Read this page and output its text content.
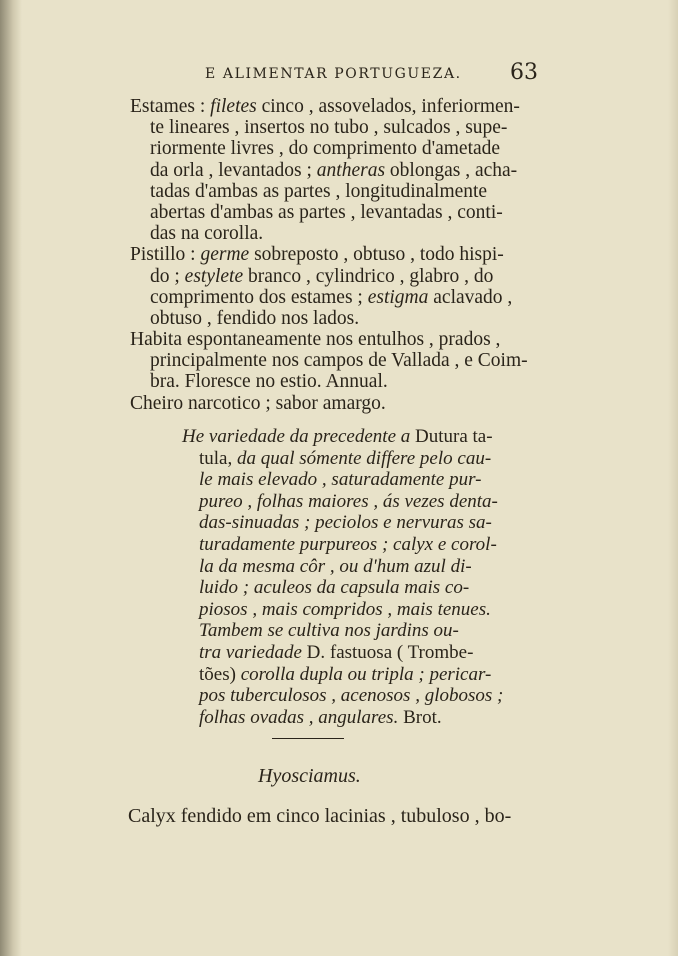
E ALIMENTAR PORTUGUEZA. 63
Estames : filetes cinco , assovelados, inferiormen-
te lineares , insertos no tubo , sulcados , supe-
riormente livres , do comprimento d'ametade
da orla , levantados ; antheras oblongas , acha-
tadas d'ambas as partes , longitudinalmente
abertas d'ambas as partes , levantadas , conti-
das na corolla.
Pistillo : germe sobreposto , obtuso , todo hispi-
do ; estylete branco , cylindrico , glabro , do
comprimento dos estames ; estigma aclavado ,
obtuso , fendido nos lados.
Habita espontaneamente nos entulhos , prados ,
principalmente nos campos de Vallada , e Coim-
bra. Floresce no estio. Annual.
Cheiro narcotico ; sabor amargo.
He variedade da precedente a Dutura ta-
tula, da qual sómente differe pelo cau-
le mais elevado , saturadamente pur-
pureo , folhas maiores , ás vezes denta-
das-sinuadas ; peciolos e nervuras sa-
turadamente purpureos ; calyx e corol-
la da mesma côr , ou d'hum azul di-
luido ; aculeos da capsula mais co-
piosos , mais compridos , mais tenues.
Tambem se cultiva nos jardins ou-
tra variedade D. fastuosa ( Trombe-
tões) corolla dupla ou tripla ; pericar-
pos tuberculosos , acenosos , globosos ;
folhas ovadas , angulares. Brot.
Hyosciamus.
Calyx fendido em cinco lacinias , tubuloso , bo-
